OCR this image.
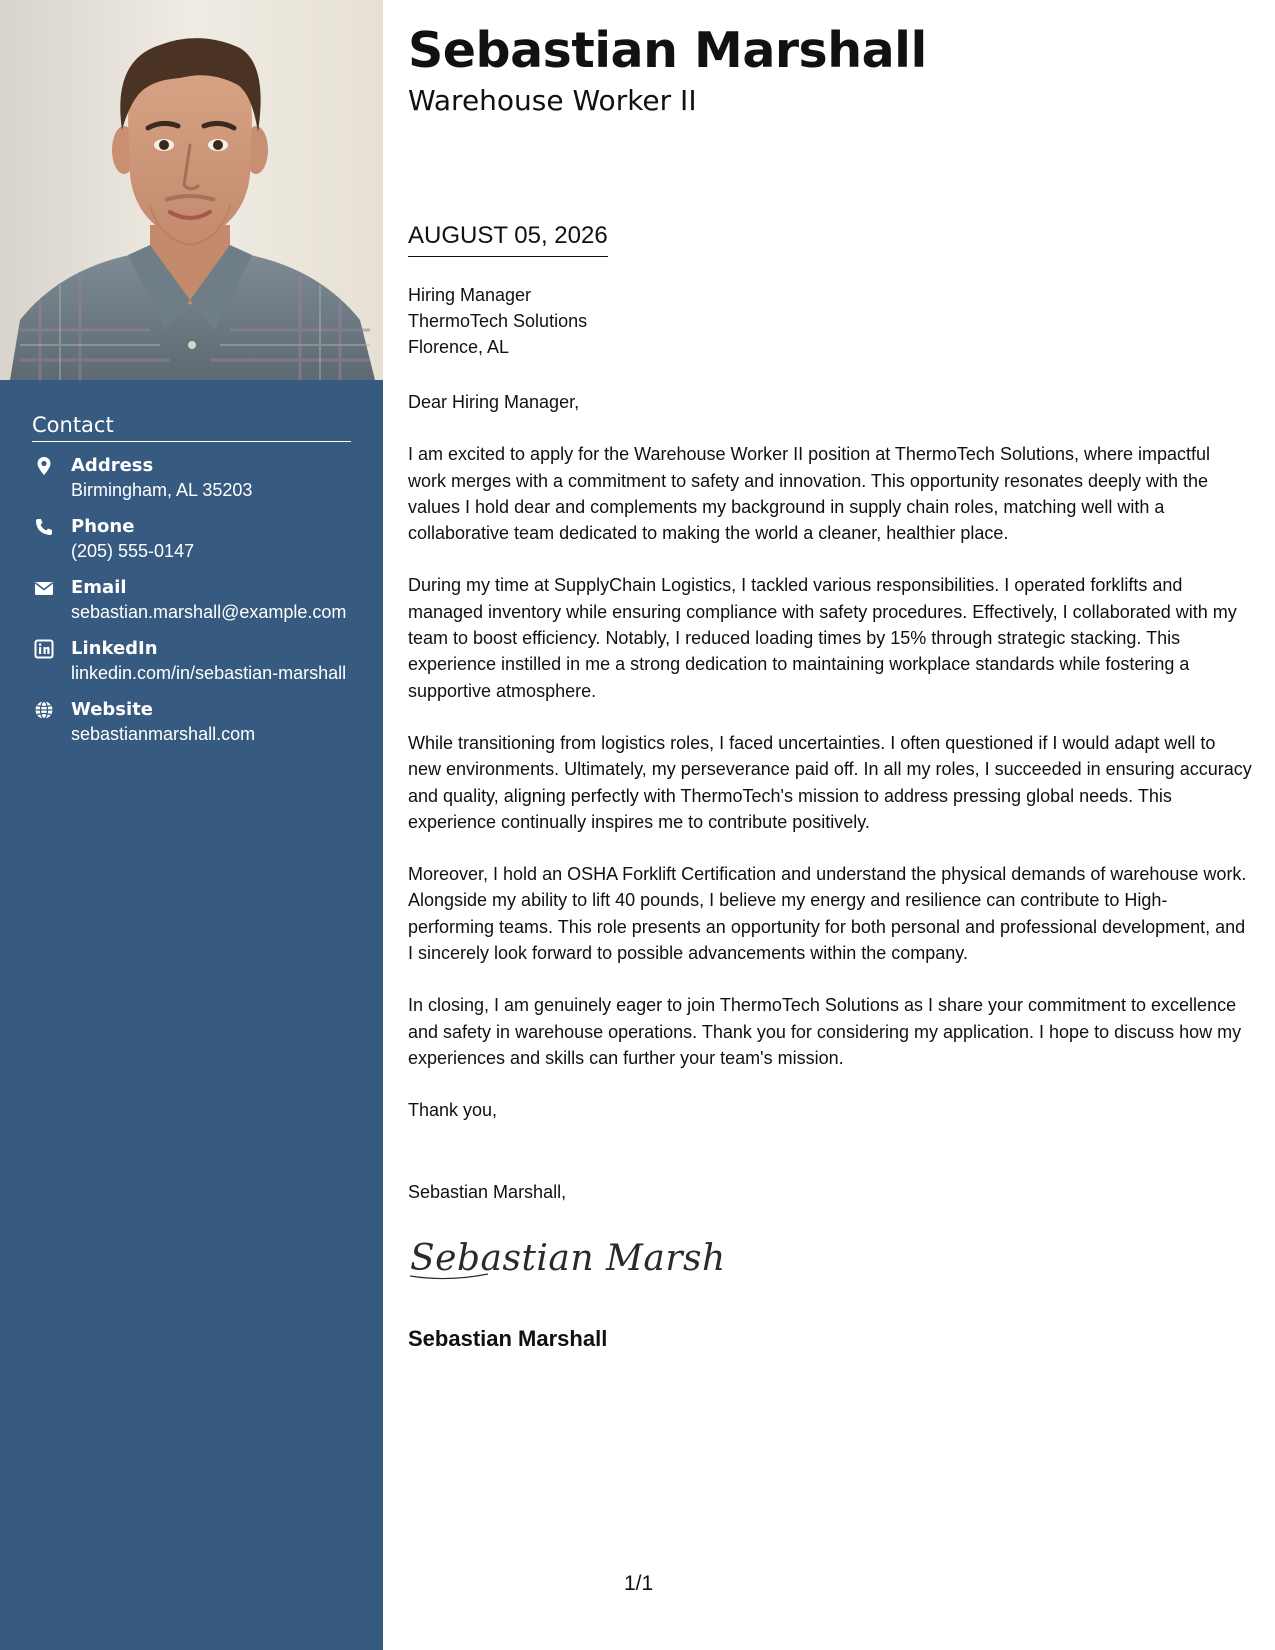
Contact
Address
Birmingham, AL 35203
Phone
(205) 555-0147
Email
sebastian.marshall@example.com
LinkedIn
linkedin.com/in/sebastian-marshall
Website
sebastianmarshall.com
Sebastian Marshall
Warehouse Worker II
AUGUST 05, 2026
Hiring Manager
ThermoTech Solutions
Florence, AL

Dear Hiring Manager,

I am excited to apply for the Warehouse Worker II position at ThermoTech Solutions, where impactful work merges with a commitment to safety and innovation. This opportunity resonates deeply with the values I hold dear and complements my background in supply chain roles, matching well with a collaborative team dedicated to making the world a cleaner, healthier place.

During my time at SupplyChain Logistics, I tackled various responsibilities. I operated forklifts and managed inventory while ensuring compliance with safety procedures. Effectively, I collaborated with my team to boost efficiency. Notably, I reduced loading times by 15% through strategic stacking. This experience instilled in me a strong dedication to maintaining workplace standards while fostering a supportive atmosphere.

While transitioning from logistics roles, I faced uncertainties. I often questioned if I would adapt well to new environments. Ultimately, my perseverance paid off. In all my roles, I succeeded in ensuring accuracy and quality, aligning perfectly with ThermoTech's mission to address pressing global needs. This experience continually inspires me to contribute positively.

Moreover, I hold an OSHA Forklift Certification and understand the physical demands of warehouse work. Alongside my ability to lift 40 pounds, I believe my energy and resilience can contribute to High-performing teams. This role presents an opportunity for both personal and professional development, and I sincerely look forward to possible advancements within the company.

In closing, I am genuinely eager to join ThermoTech Solutions as I share your commitment to excellence and safety in warehouse operations. Thank you for considering my application. I hope to discuss how my experiences and skills can further your team's mission.

Thank you,

Sebastian Marshall,
Sebastian Marsh
Sebastian Marshall
1/1
